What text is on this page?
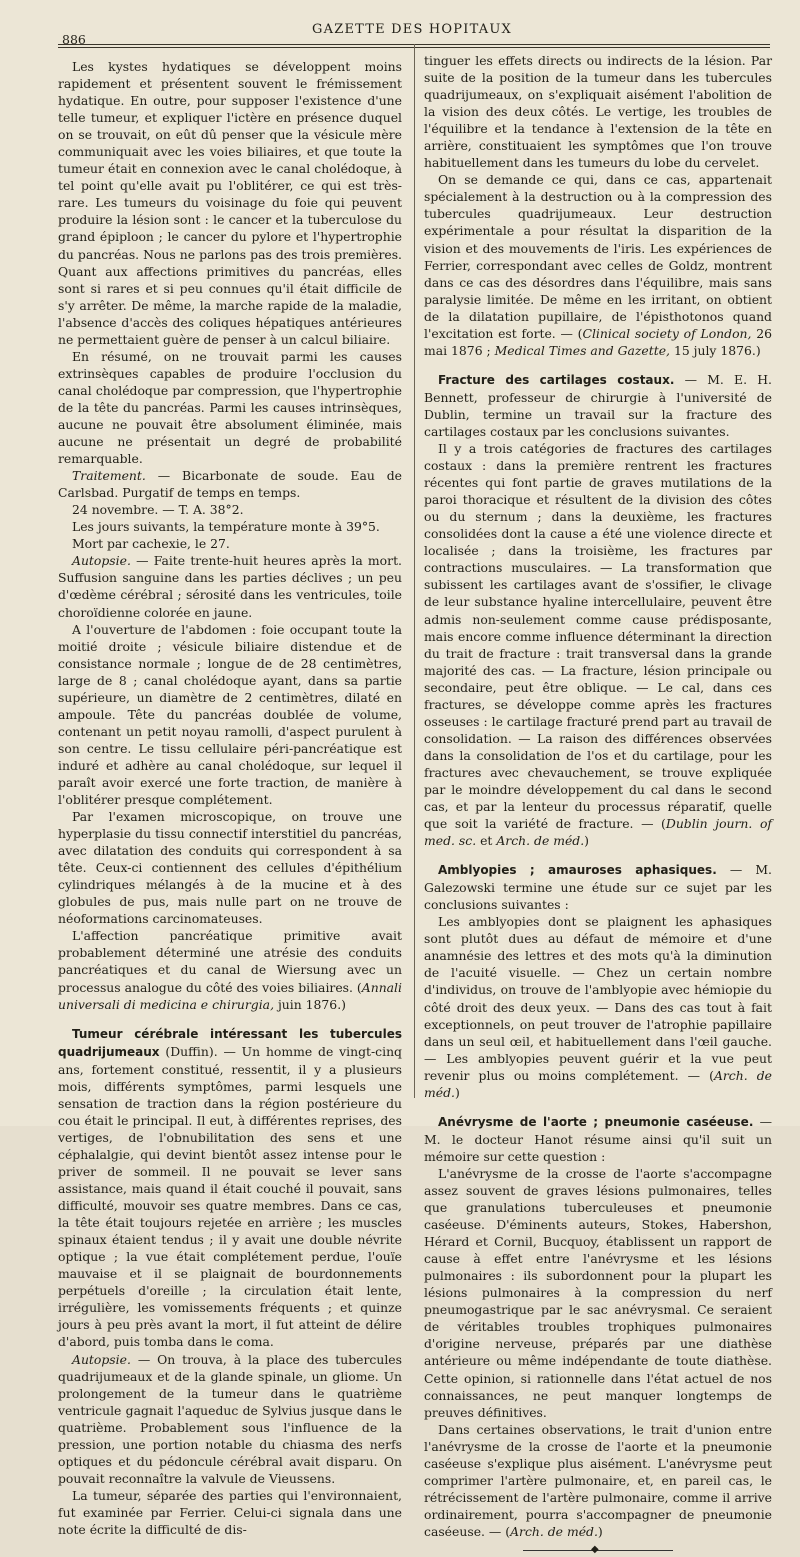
886
GAZETTE DES HOPITAUX

Les kystes hydatiques se développent moins rapidement et présentent souvent le frémissement hydatique. En outre, pour supposer l'existence d'une telle tumeur, et expliquer l'ictère en présence duquel on se trouvait, on eût dû penser que la vésicule mère communiquait avec les voies biliaires, et que toute la tumeur était en connexion avec le canal cholédoque, à tel point qu'elle avait pu l'oblitérer, ce qui est très-rare. Les tumeurs du voisinage du foie qui peuvent produire la lésion sont : le cancer et la tuberculose du grand épiploon ; le cancer du pylore et l'hypertrophie du pancréas. Nous ne parlons pas des trois premières. Quant aux affections primitives du pancréas, elles sont si rares et si peu connues qu'il était difficile de s'y arrêter. De même, la marche rapide de la maladie, l'absence d'accès des coliques hépatiques antérieures ne permettaient guère de penser à un calcul biliaire.

En résumé, on ne trouvait parmi les causes extrinsèques capables de produire l'occlusion du canal cholédoque par compression, que l'hypertrophie de la tête du pancréas. Parmi les causes intrinsèques, aucune ne pouvait être absolument éliminée, mais aucune ne présentait un degré de probabilité remarquable.

Traitement. — Bicarbonate de soude. Eau de Carlsbad. Purgatif de temps en temps.

24 novembre. — T. A. 38°2.

Les jours suivants, la température monte à 39°5.

Mort par cachexie, le 27.

Autopsie. — Faite trente-huit heures après la mort. Suffusion sanguine dans les parties déclives ; un peu d'œdème cérébral ; sérosité dans les ventricules, toile choroïdienne colorée en jaune.

A l'ouverture de l'abdomen : foie occupant toute la moitié droite ; vésicule biliaire distendue et de consistance normale ; longue de de 28 centimètres, large de 8 ; canal cholédoque ayant, dans sa partie supérieure, un diamètre de 2 centimètres, dilaté en ampoule. Tête du pancréas doublée de volume, contenant un petit noyau ramolli, d'aspect purulent à son centre. Le tissu cellulaire péri-pancréatique est induré et adhère au canal cholédoque, sur lequel il paraît avoir exercé une forte traction, de manière à l'oblitérer presque complétement.

Par l'examen microscopique, on trouve une hyperplasie du tissu connectif interstitiel du pancréas, avec dilatation des conduits qui correspondent à sa tête. Ceux-ci contiennent des cellules d'épithélium cylindriques mélangés à de la mucine et à des globules de pus, mais nulle part on ne trouve de néoformations carcinomateuses.

L'affection pancréatique primitive avait probablement déterminé une atrésie des conduits pancréatiques et du canal de Wiersung avec un processus analogue du côté des voies biliaires. (Annali universali di medicina e chirurgia, juin 1876.)

Tumeur cérébrale intéressant les tubercules quadrijumeaux (Duffin). — Un homme de vingt-cinq ans, fortement constitué, ressentit, il y a plusieurs mois, différents symptômes, parmi lesquels une sensation de traction dans la région postérieure du cou était le principal. Il eut, à différentes reprises, des vertiges, de l'obnubilitation des sens et une céphalalgie, qui devint bientôt assez intense pour le priver de sommeil. Il ne pouvait se lever sans assistance, mais quand il était couché il pouvait, sans difficulté, mouvoir ses quatre membres. Dans ce cas, la tête était toujours rejetée en arrière ; les muscles spinaux étaient tendus ; il y avait une double névrite optique ; la vue était complétement perdue, l'ouïe mauvaise et il se plaignait de bourdonnements perpétuels d'oreille ; la circulation était lente, irrégulière, les vomissements fréquents ; et quinze jours à peu près avant la mort, il fut atteint de délire d'abord, puis tomba dans le coma.

Autopsie. — On trouva, à la place des tubercules quadrijumeaux et de la glande spinale, un gliome. Un prolongement de la tumeur dans le quatrième ventricule gagnait l'aqueduc de Sylvius jusque dans le quatrième. Probablement sous l'influence de la pression, une portion notable du chiasma des nerfs optiques et du pédoncule cérébral avait disparu. On pouvait reconnaître la valvule de Vieussens.

La tumeur, séparée des parties qui l'environnaient, fut examinée par Ferrier. Celui-ci signala dans une note écrite la difficulté de dis-

tinguer les effets directs ou indirects de la lésion. Par suite de la position de la tumeur dans les tubercules quadrijumeaux, on s'expliquait aisément l'abolition de la vision des deux côtés. Le vertige, les troubles de l'équilibre et la tendance à l'extension de la tête en arrière, constituaient les symptômes que l'on trouve habituellement dans les tumeurs du lobe du cervelet.

On se demande ce qui, dans ce cas, appartenait spécialement à la destruction ou à la compression des tubercules quadrijumeaux. Leur destruction expérimentale a pour résultat la disparition de la vision et des mouvements de l'iris. Les expériences de Ferrier, correspondant avec celles de Goldz, montrent dans ce cas des désordres dans l'équilibre, mais sans paralysie limitée. De même en les irritant, on obtient de la dilatation pupillaire, de l'épisthotonos quand l'excitation est forte. — (Clinical society of London, 26 mai 1876 ; Medical Times and Gazette, 15 july 1876.)

Fracture des cartilages costaux. — M. E. H. Bennett, professeur de chirurgie à l'université de Dublin, termine un travail sur la fracture des cartilages costaux par les conclusions suivantes.

Il y a trois catégories de fractures des cartilages costaux : dans la première rentrent les fractures récentes qui font partie de graves mutilations de la paroi thoracique et résultent de la division des côtes ou du sternum ; dans la deuxième, les fractures consolidées dont la cause a été une violence directe et localisée ; dans la troisième, les fractures par contractions musculaires. — La transformation que subissent les cartilages avant de s'ossifier, le clivage de leur substance hyaline intercellulaire, peuvent être admis non-seulement comme cause prédisposante, mais encore comme influence déterminant la direction du trait de fracture : trait transversal dans la grande majorité des cas. — La fracture, lésion principale ou secondaire, peut être oblique. — Le cal, dans ces fractures, se développe comme après les fractures osseuses : le cartilage fracturé prend part au travail de consolidation. — La raison des différences observées dans la consolidation de l'os et du cartilage, pour les fractures avec chevauchement, se trouve expliquée par le moindre développement du cal dans le second cas, et par la lenteur du processus réparatif, quelle que soit la variété de fracture. — (Dublin journ. of med. sc. et Arch. de méd.)

Amblyopies ; amauroses aphasiques. — M. Galezowski termine une étude sur ce sujet par les conclusions suivantes :

Les amblyopies dont se plaignent les aphasiques sont plutôt dues au défaut de mémoire et d'une anamnésie des lettres et des mots qu'à la diminution de l'acuité visuelle. — Chez un certain nombre d'individus, on trouve de l'amblyopie avec hémiopie du côté droit des deux yeux. — Dans des cas tout à fait exceptionnels, on peut trouver de l'atrophie papillaire dans un seul œil, et habituellement dans l'œil gauche. — Les amblyopies peuvent guérir et la vue peut revenir plus ou moins complétement. — (Arch. de méd.)

Anévrysme de l'aorte ; pneumonie caséeuse. — M. le docteur Hanot résume ainsi qu'il suit un mémoire sur cette question :

L'anévrysme de la crosse de l'aorte s'accompagne assez souvent de graves lésions pulmonaires, telles que granulations tuberculeuses et pneumonie caséeuse. D'éminents auteurs, Stokes, Habershon, Hérard et Cornil, Bucquoy, établissent un rapport de cause à effet entre l'anévrysme et les lésions pulmonaires : ils subordonnent pour la plupart les lésions pulmonaires à la compression du nerf pneumogastrique par le sac anévrysmal. Ce seraient de véritables troubles trophiques pulmonaires d'origine nerveuse, préparés par une diathèse antérieure ou même indépendante de toute diathèse. Cette opinion, si rationnelle dans l'état actuel de nos connaissances, ne peut manquer longtemps de preuves définitives.

Dans certaines observations, le trait d'union entre l'anévrysme de la crosse de l'aorte et la pneumonie caséeuse s'explique plus aisément. L'anévrysme peut comprimer l'artère pulmonaire, et, en pareil cas, le rétrécissement de l'artère pulmonaire, comme il arrive ordinairement, pourra s'accompagner de pneumonie caséeuse. — (Arch. de méd.)

◆
